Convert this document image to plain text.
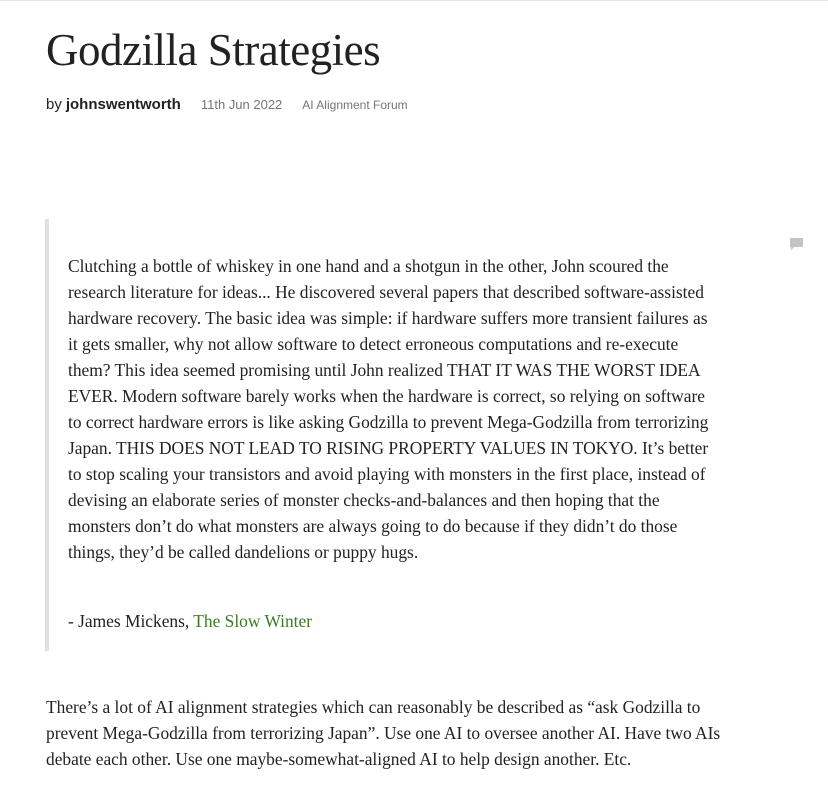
Godzilla Strategies
by johnswentworth 11th Jun 2022 AI Alignment Forum

Clutching a bottle of whiskey in one hand and a shotgun in the other, John scoured the research literature for ideas... He discovered several papers that described software-assisted hardware recovery. The basic idea was simple: if hardware suffers more transient failures as it gets smaller, why not allow software to detect erroneous computations and re-execute them? This idea seemed promising until John realized THAT IT WAS THE WORST IDEA EVER. Modern software barely works when the hardware is correct, so relying on software to correct hardware errors is like asking Godzilla to prevent Mega-Godzilla from terrorizing Japan. THIS DOES NOT LEAD TO RISING PROPERTY VALUES IN TOKYO. It’s better to stop scaling your transistors and avoid playing with monsters in the first place, instead of devising an elaborate series of monster checks-and-balances and then hoping that the monsters don’t do what monsters are always going to do because if they didn’t do those things, they’d be called dandelions or puppy hugs.

- James Mickens, The Slow Winter

There’s a lot of AI alignment strategies which can reasonably be described as “ask Godzilla to prevent Mega-Godzilla from terrorizing Japan”. Use one AI to oversee another AI. Have two AIs debate each other. Use one maybe-somewhat-aligned AI to help design another. Etc.
